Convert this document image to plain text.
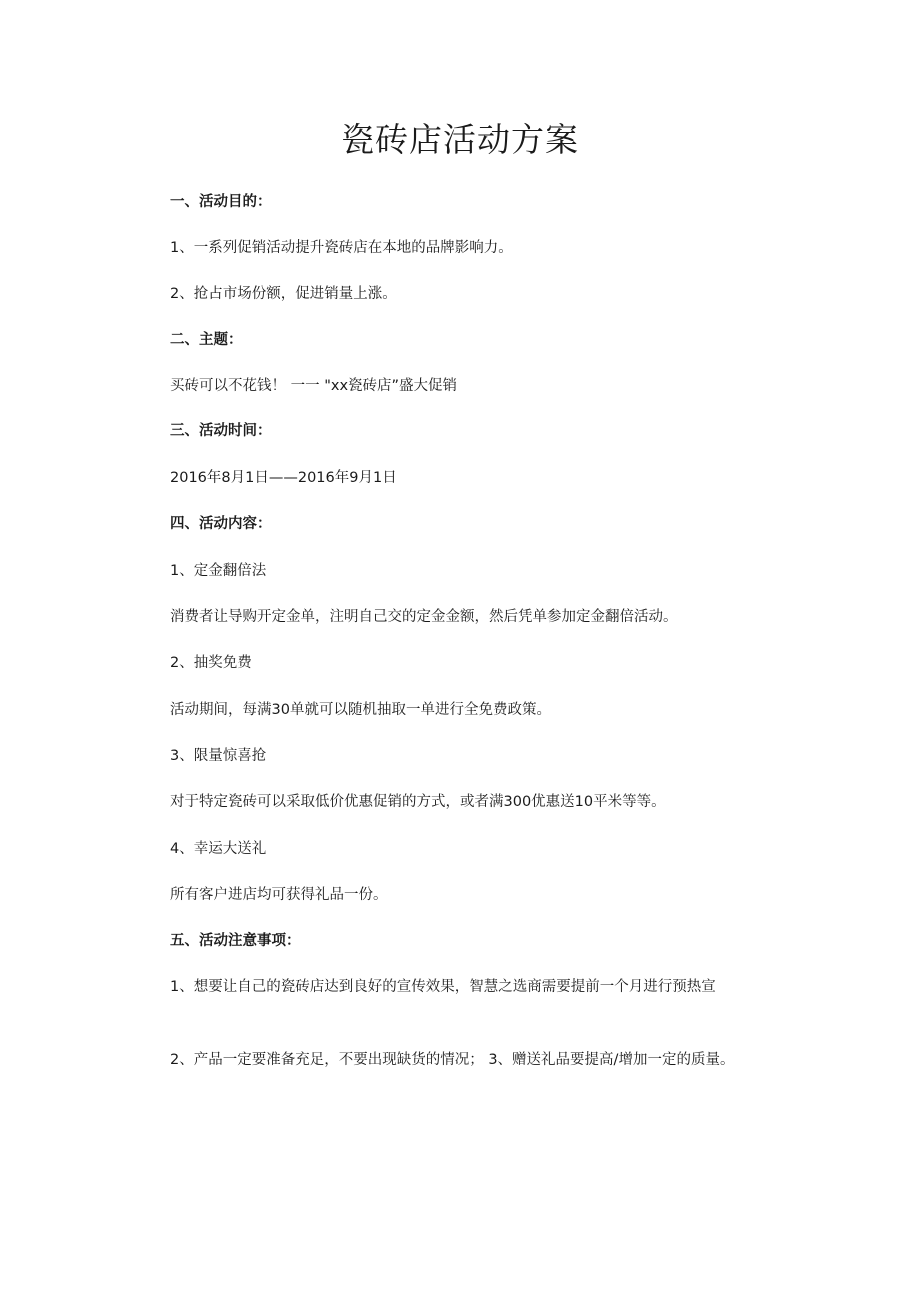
瓷砖店活动方案
一、活动目的：
1、一系列促销活动提升瓷砖店在本地的品牌影响力。
2、抢占市场份额，促进销量上涨。
二、主题：
买砖可以不花钱！ 一一 "xx瓷砖店”盛大促销
三、活动时间：
2016年8月1日——2016年9月1日
四、活动内容：
1、定金翻倍法
消费者让导购开定金单，注明自己交的定金金额，然后凭单参加定金翻倍活动。
2、抽奖免费
活动期间，每满30单就可以随机抽取一单进行全免费政策。
3、限量惊喜抢
对于特定瓷砖可以采取低价优惠促销的方式，或者满300优惠送10平米等等。
4、幸运大送礼
所有客户进店均可获得礼品一份。
五、活动注意事项：
1、想要让自己的瓷砖店达到良好的宣传效果，智慧之选商需要提前一个月进行预热宣
2、产品一定要准备充足，不要出现缺货的情况； 3、赠送礼品要提高/增加一定的质量。
